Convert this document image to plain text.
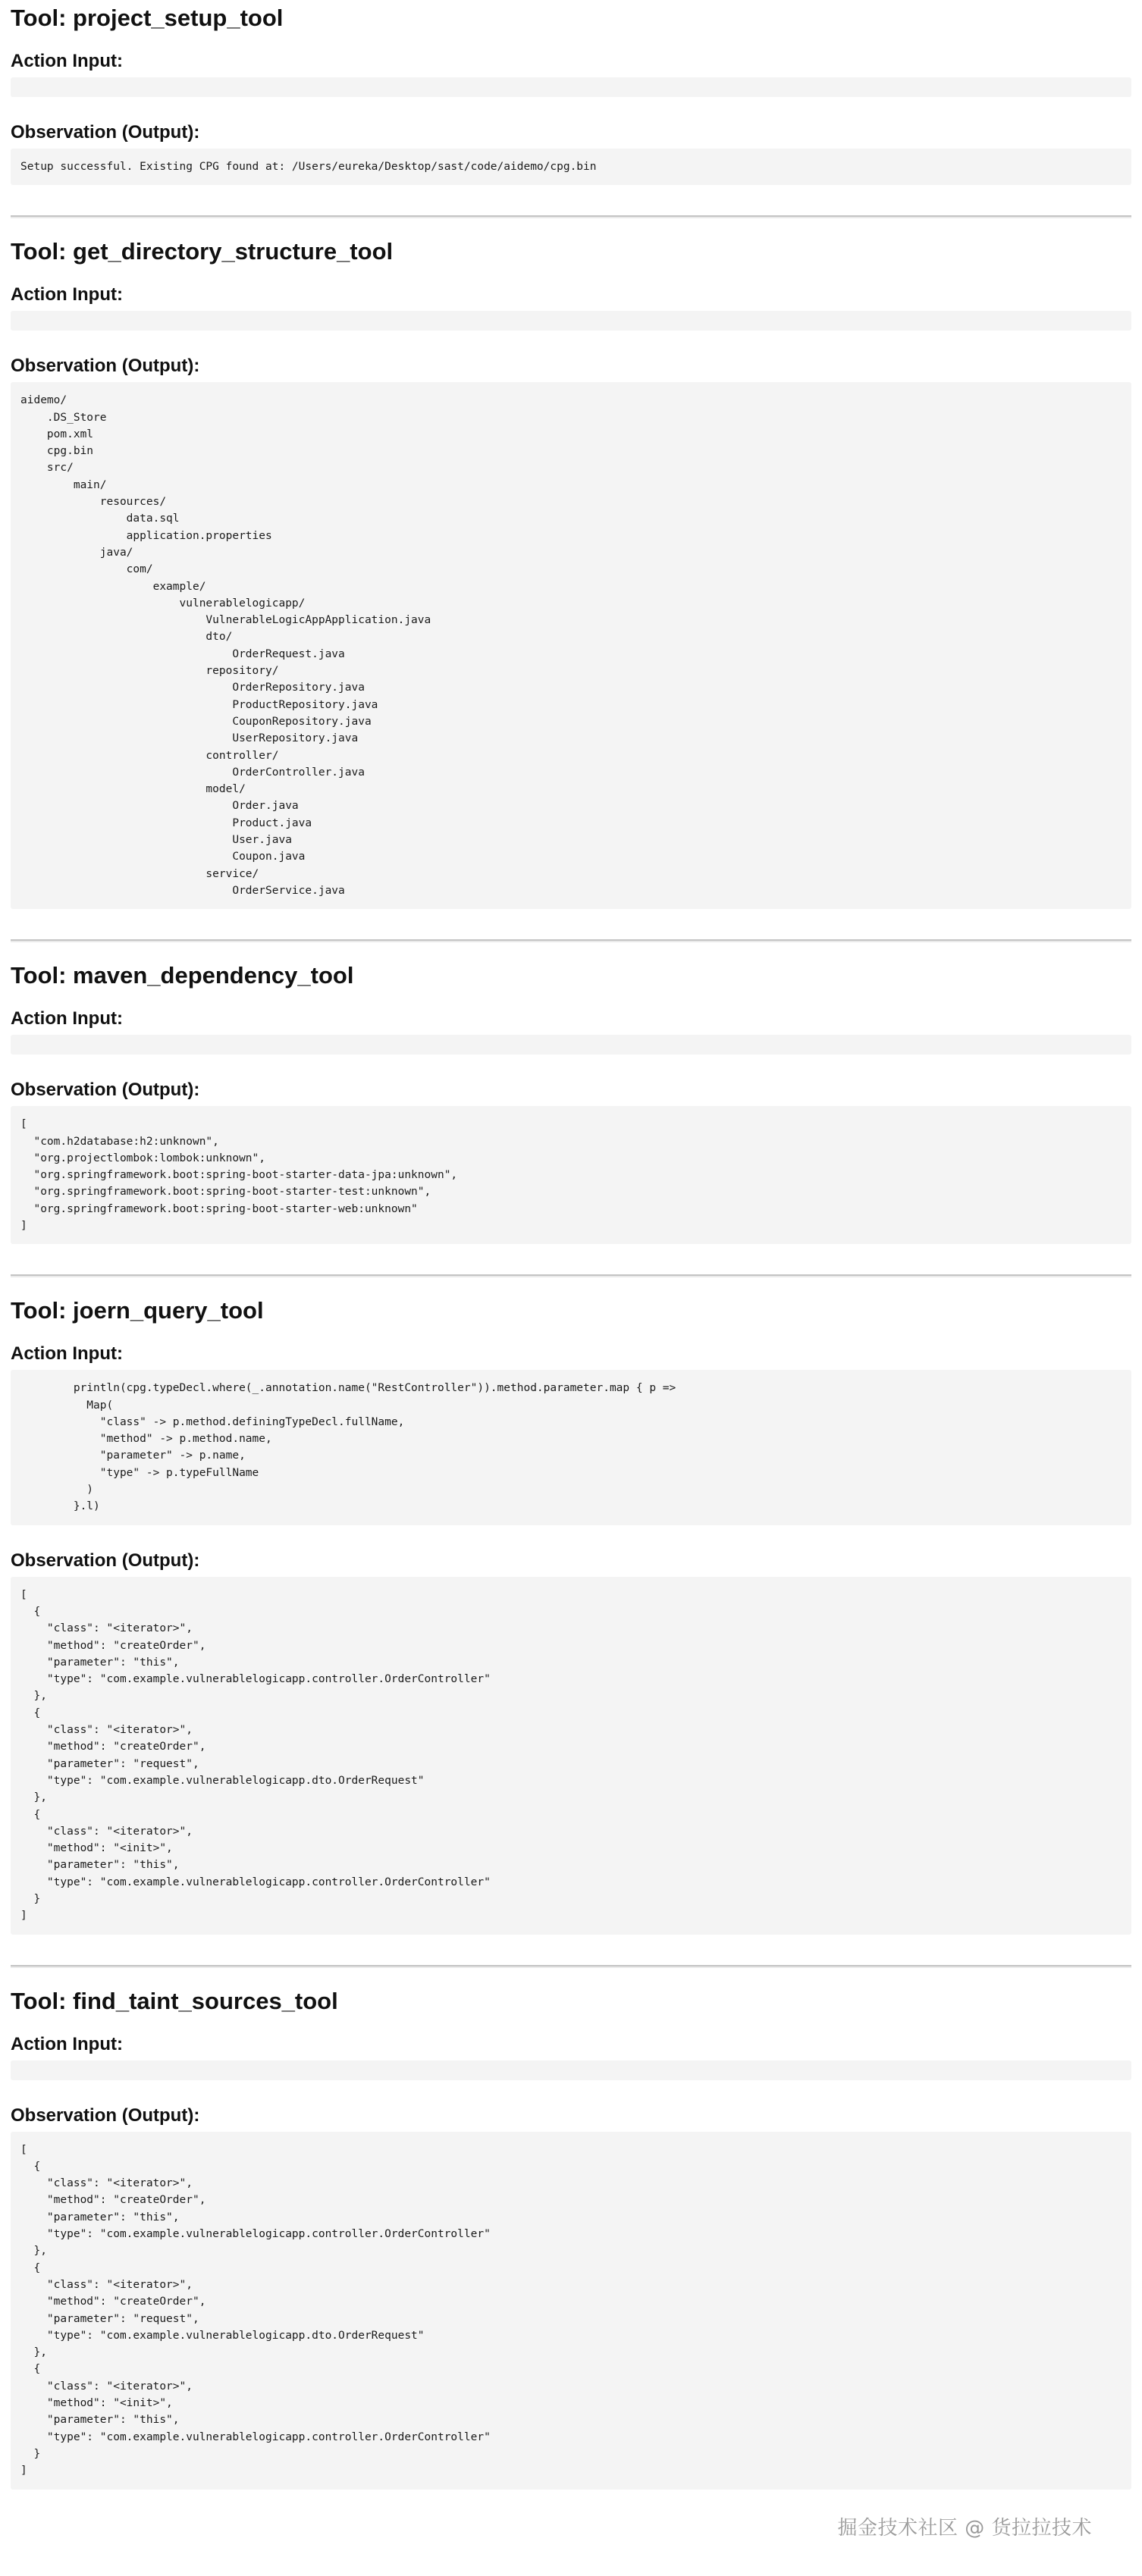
Tool: project_setup_tool
Action Input:
Observation (Output):
Setup successful. Existing CPG found at: /Users/eureka/Desktop/sast/code/aidemo/cpg.bin
Tool: get_directory_structure_tool
Action Input:
Observation (Output):
aidemo/
.DS_Store
pom.xml
cpg.bin
src/
main/
resources/
data.sql
application.properties
java/
com/
example/
vulnerablelogicapp/
VulnerableLogicAppApplication.java
dto/
OrderRequest.java
repository/
OrderRepository.java
ProductRepository.java
CouponRepository.java
UserRepository.java
controller/
OrderController.java
model/
Order.java
Product.java
User.java
Coupon.java
service/
OrderService.java
Tool: maven_dependency_tool
Action Input:
Observation (Output):
[
"com.h2database:h2:unknown",
"org.projectlombok:lombok:unknown",
"org.springframework.boot:spring-boot-starter-data-jpa:unknown",
"org.springframework.boot:spring-boot-starter-test:unknown",
"org.springframework.boot:spring-boot-starter-web:unknown"
]
Tool: joern_query_tool
Action Input:
println(cpg.typeDecl.where(_.annotation.name("RestController")).method.parameter.map { p =>
Map(
"class" -> p.method.definingTypeDecl.fullName,
"method" -> p.method.name,
"parameter" -> p.name,
"type" -> p.typeFullName
)
}.l)

Observation (Output):
[
{
"class": "<iterator>",
"method": "createOrder",
"parameter": "this",
"type": "com.example.vulnerablelogicapp.controller.OrderController"
},
{
"class": "<iterator>",
"method": "createOrder",
"parameter": "request",
"type": "com.example.vulnerablelogicapp.dto.OrderRequest"
},
{
"class": "<iterator>",
"method": "<init>",
"parameter": "this",
"type": "com.example.vulnerablelogicapp.controller.OrderController"
}
]
Tool: find_taint_sources_tool
Action Input:
Observation (Output):
[
{
"class": "<iterator>",
"method": "createOrder",
"parameter": "this",
"type": "com.example.vulnerablelogicapp.controller.OrderController"
},
{
"class": "<iterator>",
"method": "createOrder",
"parameter": "request",
"type": "com.example.vulnerablelogicapp.dto.OrderRequest"
},
{
"class": "<iterator>",
"method": "<init>",
"parameter": "this",
"type": "com.example.vulnerablelogicapp.controller.OrderController"
}
]
掘金技术社区 @ 货拉拉技术
